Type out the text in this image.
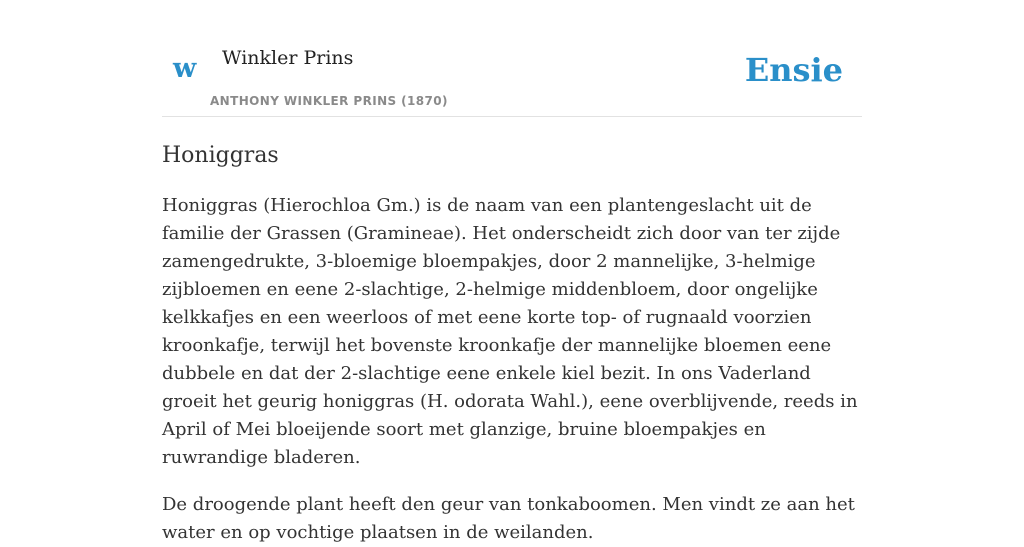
w Winkler Prins
ANTHONY WINKLER PRINS (1870)
Ensie
Honiggras

Honiggras (Hierochloa Gm.) is de naam van een plantengeslacht uit de familie der Grassen (Gramineae). Het onderscheidt zich door van ter zijde zamengedrukte, 3-bloemige bloempakjes, door 2 mannelijke, 3-helmige zijbloemen en eene 2-slachtige, 2-helmige middenbloem, door ongelijke kelkkafjes en een weerloos of met eene korte top- of rugnaald voorzien kroonkafje, terwijl het bovenste kroonkafje der mannelijke bloemen eene dubbele en dat der 2-slachtige eene enkele kiel bezit. In ons Vaderland groeit het geurig honiggras (H. odorata Wahl.), eene overblijvende, reeds in April of Mei bloeijende soort met glanzige, bruine bloempakjes en ruwrandige bladeren.

De droogende plant heeft den geur van tonkaboomen. Men vindt ze aan het water en op vochtige plaatsen in de weilanden.
